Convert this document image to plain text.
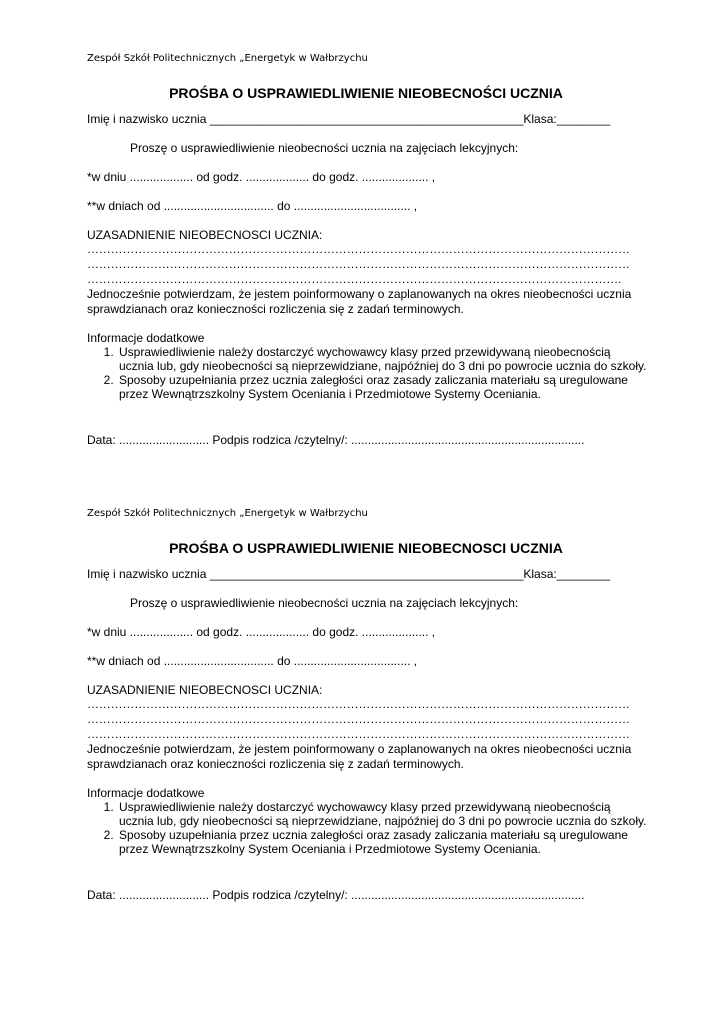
Zespół Szkół Politechnicznych „Energetyk w Wałbrzychu
PROŚBA O USPRAWIEDLIWIENIE NIEOBECNOŚCI UCZNIA
Imię i nazwisko ucznia _______________________________________________Klasa:________
Proszę o usprawiedliwienie nieobecności ucznia na zajęciach lekcyjnych:
*w dniu ................... od godz. ................... do godz. .................... ,
**w dniach od ................................. do ................................... ,
UZASADNIENIE NIEOBECNOSCI UCZNIA:
…………………………………………………………………………………………………………………………
…………………………………………………………………………………………………………………………
……………………………………………………………………………………………………………………….
Jednocześnie potwierdzam, że jestem poinformowany o zaplanowanych na okres nieobecności ucznia sprawdzianach oraz konieczności rozliczenia się z zadań terminowych.
Informacje dodatkowe
1. Usprawiedliwienie należy dostarczyć wychowawcy klasy przed przewidywaną nieobecnością ucznia lub, gdy nieobecności są nieprzewidziane, najpóźniej do 3 dni po powrocie ucznia do szkoły.
2. Sposoby uzupełniania przez ucznia zaległości oraz zasady zaliczania materiału są uregulowane przez Wewnątrzszkolny System Oceniania i Przedmiotowe Systemy Oceniania.
Data: ........................... Podpis rodzica /czytelny/: ......................................................................
Zespół Szkół Politechnicznych „Energetyk w Wałbrzychu
PROŚBA O USPRAWIEDLIWIENIE NIEOBECNOSCI UCZNIA
Imię i nazwisko ucznia _______________________________________________Klasa:________
Proszę o usprawiedliwienie nieobecności ucznia na zajęciach lekcyjnych:
*w dniu ................... od godz. ................... do godz. .................... ,
**w dniach od ................................. do ................................... ,
UZASADNIENIE NIEOBECNOSCI UCZNIA:
…………………………………………………………………………………………………………………………
…………………………………………………………………………………………………………………………
…………………………………………………………………………………………………………………………
Jednocześnie potwierdzam, że jestem poinformowany o zaplanowanych na okres nieobecności ucznia sprawdzianach oraz konieczności rozliczenia się z zadań terminowych.
Informacje dodatkowe
1. Usprawiedliwienie należy dostarczyć wychowawcy klasy przed przewidywaną nieobecnością ucznia lub, gdy nieobecności są nieprzewidziane, najpóźniej do 3 dni po powrocie ucznia do szkoły.
2. Sposoby uzupełniania przez ucznia zaległości oraz zasady zaliczania materiału są uregulowane przez Wewnątrzszkolny System Oceniania i Przedmiotowe Systemy Oceniania.
Data: ........................... Podpis rodzica /czytelny/: ......................................................................
